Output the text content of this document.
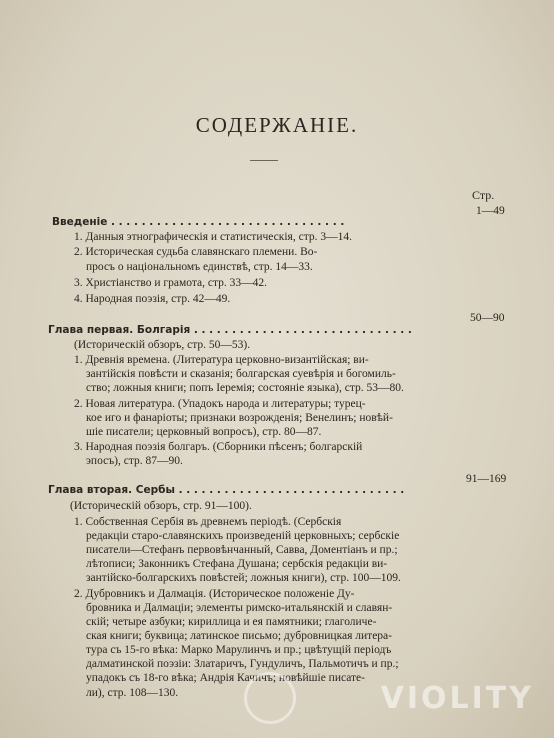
СОДЕРЖАНІЕ.
Стр.
Введеніе . . . . . . . . . . . . . . . . . . . . . . . . . . . . . . .
1—49
1. Данныя этнографическія и статистическія, стр. 3—14.
2. Историческая судьба славянскаго племени. Во-
просъ о національномъ единствѣ, стр. 14—33.
3. Христіанство и грамота, стр. 33—42.
4. Народная поэзія, стр. 42—49.
Глава первая. Болгарія . . . . . . . . . . . . . . . . . . . . . . . . . . . . .
50—90
(Историческій обзоръ, стр. 50—53).
1. Древнія времена. (Литература церковно-византійская; ви-
зантійскія повѣсти и сказанія; болгарская суевѣрія и богомиль-
ство; ложныя книги; попъ Іеремія; состояніе языка), стр. 53—80.
2. Новая литература. (Упадокъ народа и литературы; турец-
кое иго и фанаріоты; признаки возрожденія; Венелинъ; новѣй-
шіе писатели; церковный вопросъ), стр. 80—87.
3. Народная поэзія болгаръ. (Сборники пѣсенъ; болгарскій
эпосъ), стр. 87—90.
Глава вторая. Сербы . . . . . . . . . . . . . . . . . . . . . . . . . . . . . .
91—169
(Историческій обзоръ, стр. 91—100).
1. Собственная Сербія въ древнемъ періодѣ. (Сербскія
редакціи старо-славянскихъ произведеній церковныхъ; сербскіе
писатели—Стефанъ первовѣнчанный, Савва, Доментіанъ и пр.;
лѣтописи; Законникъ Стефана Душана; сербскія редакціи ви-
зантійско-болгарскихъ повѣстей; ложныя книги), стр. 100—109.
2. Дубровникъ и Далмація. (Историческое положеніе Ду-
бровника и Далмаціи; элементы римско-итальянскій и славян-
скій; четыре азбуки; кириллица и ея памятники; глаголиче-
ская книги; буквица; латинское письмо; дубровницкая литера-
тура съ 15-го вѣка: Марко Марулинчъ и пр.; цвѣтущій періодъ
далматинской поэзіи: Златаричъ, Гундуличъ, Пальмотичъ и пр.;
упадокъ съ 18-го вѣка; Андрія Качичъ; новѣйшіе писате-
ли), стр. 108—130.	VIOLITY
